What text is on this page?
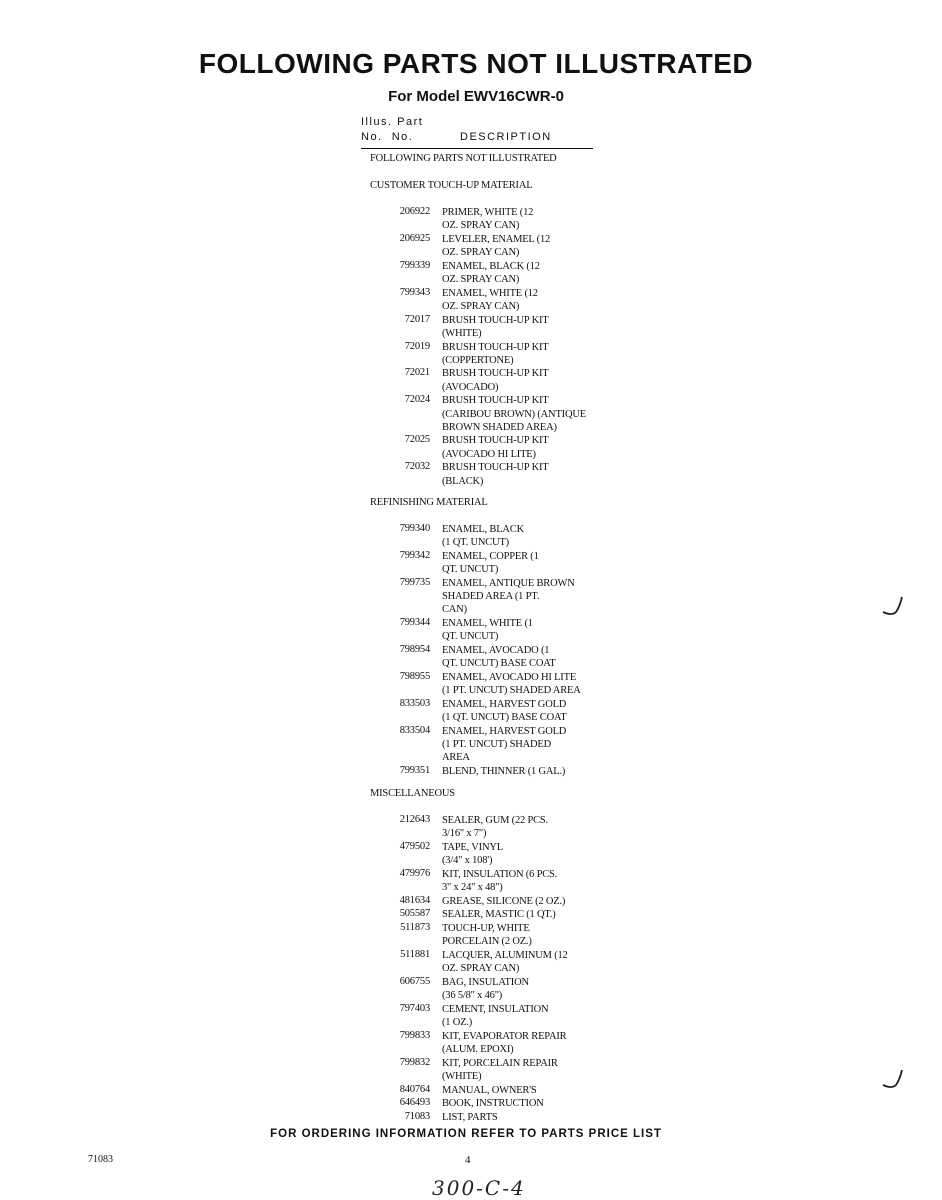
FOLLOWING PARTS NOT ILLUSTRATED
For Model EWV16CWR-0
Illus. Part
No.  No.	DESCRIPTION
FOLLOWING PARTS NOT ILLUSTRATED
CUSTOMER TOUCH-UP MATERIAL
206922 PRIMER, WHITE (12
OZ. SPRAY CAN)
206925 LEVELER, ENAMEL (12
OZ. SPRAY CAN)
799339 ENAMEL, BLACK (12
OZ. SPRAY CAN)
799343 ENAMEL, WHITE (12
OZ. SPRAY CAN)
72017 BRUSH TOUCH-UP KIT
(WHITE)
72019 BRUSH TOUCH-UP KIT
(COPPERTONE)
72021 BRUSH TOUCH-UP KIT
(AVOCADO)
72024 BRUSH TOUCH-UP KIT
(CARIBOU BROWN) (ANTIQUE
BROWN SHADED AREA)
72025 BRUSH TOUCH-UP KIT
(AVOCADO HI LITE)
72032 BRUSH TOUCH-UP KIT
(BLACK)
REFINISHING MATERIAL
799340 ENAMEL, BLACK
(1 QT. UNCUT)
799342 ENAMEL, COPPER (1
QT. UNCUT)
799735 ENAMEL, ANTIQUE BROWN
SHADED AREA (1 PT.
CAN)
799344 ENAMEL, WHITE (1
QT. UNCUT)
798954 ENAMEL, AVOCADO (1
QT. UNCUT) BASE COAT
798955 ENAMEL, AVOCADO HI LITE
(1 PT. UNCUT) SHADED AREA
833503 ENAMEL, HARVEST GOLD
(1 QT. UNCUT) BASE COAT
833504 ENAMEL, HARVEST GOLD
(1 PT. UNCUT) SHADED
AREA
799351 BLEND, THINNER (1 GAL.)
MISCELLANEOUS
212643 SEALER, GUM (22 PCS.
3/16" x 7")
479502 TAPE, VINYL
(3/4" x 108')
479976 KIT, INSULATION (6 PCS.
3" x 24" x 48")
481634 GREASE, SILICONE (2 OZ.)
505587 SEALER, MASTIC (1 QT.)
511873 TOUCH-UP, WHITE
PORCELAIN (2 OZ.)
511881 LACQUER, ALUMINUM (12
OZ. SPRAY CAN)
606755 BAG, INSULATION
(36 5/8" x 46")
797403 CEMENT, INSULATION
(1 OZ.)
799833 KIT, EVAPORATOR REPAIR
(ALUM. EPOXI)
799832 KIT, PORCELAIN REPAIR
(WHITE)
840764 MANUAL, OWNER'S
646493 BOOK, INSTRUCTION
71083 LIST, PARTS
FOR ORDERING INFORMATION REFER TO PARTS PRICE LIST
71083	4
300-C-4
